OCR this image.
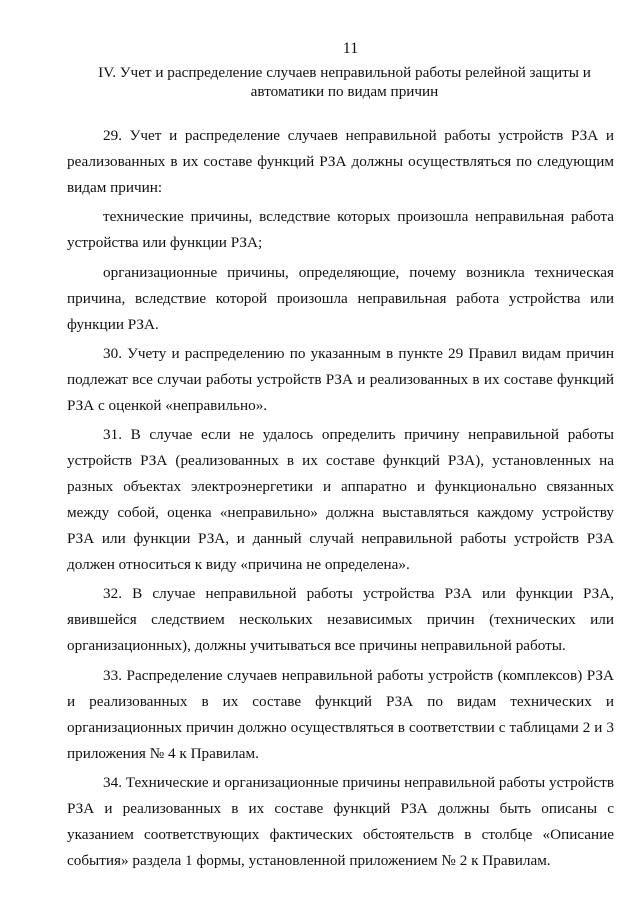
11
IV. Учет и распределение случаев неправильной работы релейной защиты и автоматики по видам причин

29. Учет и распределение случаев неправильной работы устройств РЗА и реализованных в их составе функций РЗА должны осуществляться по следующим видам причин:

технические причины, вследствие которых произошла неправильная работа устройства или функции РЗА;

организационные причины, определяющие, почему возникла техническая причина, вследствие которой произошла неправильная работа устройства или функции РЗА.

30. Учету и распределению по указанным в пункте 29 Правил видам причин подлежат все случаи работы устройств РЗА и реализованных в их составе функций РЗА с оценкой «неправильно».

31. В случае если не удалось определить причину неправильной работы устройств РЗА (реализованных в их составе функций РЗА), установленных на разных объектах электроэнергетики и аппаратно и функционально связанных между собой, оценка «неправильно» должна выставляться каждому устройству РЗА или функции РЗА, и данный случай неправильной работы устройств РЗА должен относиться к виду «причина не определена».

32. В случае неправильной работы устройства РЗА или функции РЗА, явившейся следствием нескольких независимых причин (технических или организационных), должны учитываться все причины неправильной работы.

33. Распределение случаев неправильной работы устройств (комплексов) РЗА и реализованных в их составе функций РЗА по видам технических и организационных причин должно осуществляться в соответствии с таблицами 2 и 3 приложения № 4 к Правилам.

34. Технические и организационные причины неправильной работы устройств РЗА и реализованных в их составе функций РЗА должны быть описаны с указанием соответствующих фактических обстоятельств в столбце «Описание события» раздела 1 формы, установленной приложением № 2 к Правилам.
